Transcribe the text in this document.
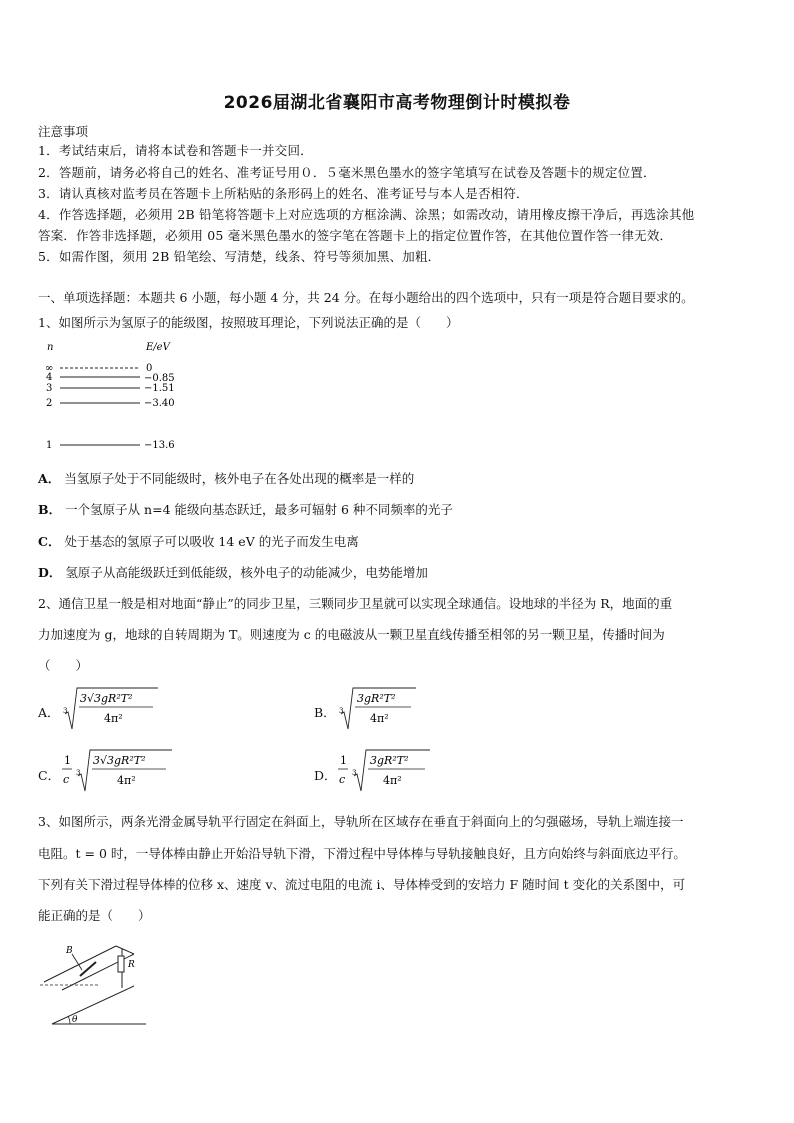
2026届湖北省襄阳市高考物理倒计时模拟卷
注意事项
1．考试结束后，请将本试卷和答题卡一并交回．
2．答题前，请务必将自己的姓名、准考证号用０．５毫米黑色墨水的签字笔填写在试卷及答题卡的规定位置．
3．请认真核对监考员在答题卡上所粘贴的条形码上的姓名、准考证号与本人是否相符．
4．作答选择题，必须用 2B 铅笔将答题卡上对应选项的方框涂满、涂黑；如需改动，请用橡皮擦干净后，再选涂其他
答案．作答非选择题，必须用 05 毫米黑色墨水的签字笔在答题卡上的指定位置作答，在其他位置作答一律无效．
5．如需作图，须用 2B 铅笔绘、写清楚，线条、符号等须加黑、加粗．
一、单项选择题：本题共 6 小题，每小题 4 分，共 24 分。在每小题给出的四个选项中，只有一项是符合题目要求的。
1、如图所示为氢原子的能级图，按照玻耳理论，下列说法正确的是（　　）
n	E/eV
∞	0
4	−0.85
3	−1.51
2	−3.40
1	−13.6
A． 当氢原子处于不同能级时，核外电子在各处出现的概率是一样的
B． 一个氢原子从 n=4 能级向基态跃迁，最多可辐射 6 种不同频率的光子
C． 处于基态的氢原子可以吸收 14 eV 的光子而发生电离
D． 氢原子从高能级跃迁到低能级，核外电子的动能减少，电势能增加
2、通信卫星一般是相对地面“静止”的同步卫星，三颗同步卫星就可以实现全球通信。设地球的半径为 R，地面的重
力加速度为 g，地球的自转周期为 T。则速度为 c 的电磁波从一颗卫星直线传播至相邻的另一颗卫星，传播时间为
（　　）
A． 3
3√3gR²T²
4π²	B． 3
3gR²T²
4π²
C．
1
c 3
3√3gR²T²
4π²	D．
1
c 3
3gR²T²
4π²
3、如图所示，两条光滑金属导轨平行固定在斜面上，导轨所在区域存在垂直于斜面向上的匀强磁场，导轨上端连接一
电阻。t = 0 时，一导体棒由静止开始沿导轨下滑，下滑过程中导体棒与导轨接触良好，且方向始终与斜面底边平行。
下列有关下滑过程导体棒的位移 x、速度 v、流过电阻的电流 i、导体棒受到的安培力 F 随时间 t 变化的关系图中，可
能正确的是（　　）
R
B
θ
